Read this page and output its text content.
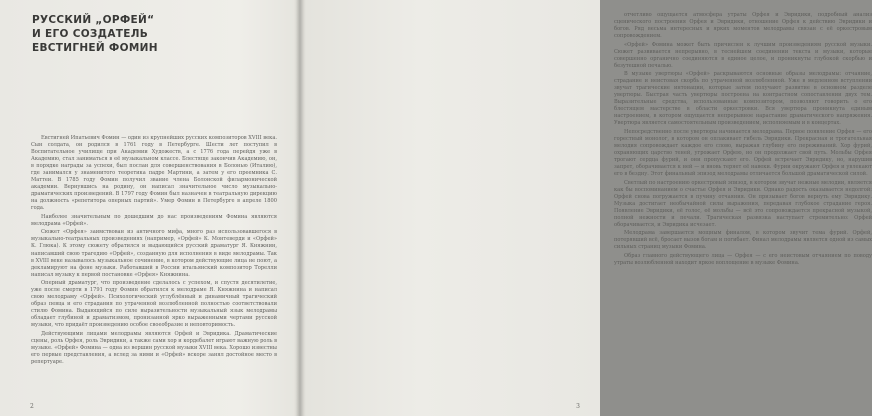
РУССКИЙ „ОРФЕЙ“
И ЕГО СОЗДАТЕЛЬ
ЕВСТИГНЕЙ ФОМИН

Евстигней Ипатьевич Фомин — один из крупнейших русских композиторов XVIII века. Сын солдата, он родился в 1761 году в Петербурге. Шести лет поступил в Воспитательное училище при Академии Художеств, а с 1776 года перейдя уже в Академию, стал заниматься в её музыкальном классе. Блестяще закончив Академию, он, в порядке награды за успехи, был послан для совершенствования в Болонью (Италию), где занимался у знаменитого теоретика падре Мартини, а затем у его преемника С. Маттеи. В 1785 году Фомин получил звание члена Болонской филармонической академии. Вернувшись на родину, он написал значительное число музыкально-драматических произведений. В 1797 году Фомин был назначен в театральную дирекцию на должность «репетитора оперных партий». Умер Фомин в Петербурге в апреле 1800 года.

Наиболее значительным по дошедшим до нас произведениям Фомина являются мелодрама «Орфей».

Сюжет «Орфея» заимствован из античного мифа, много раз использовавшегося в музыкально-театральных произведениях (например, «Орфей» К. Монтеверди и «Орфей» К. Глюка). К этому сюжету обратился и выдающийся русский драматург Я. Княжнин, написавший свою трагедию «Орфей», созданную для исполнения в виде мелодрамы. Так в XVIII веке называлось музыкальное сочинение, в котором действующие лица не поют, а декламируют на фоне музыки. Работавший в России итальянский композитор Торелли написал музыку к первой постановке «Орфея» Княжнина.

Оперный драматург, что произведение сделалось с успехом, и спустя десятилетие, уже после смерти в 1791 году Фомин обратился к мелодраме Я. Княжнина и написал свою мелодраму «Орфей». Психологический углублённый и динамичный трагический образ певца и его страдания по утраченной возлюбленной полностью соответствовали стилю Фомина. Выдающийся по силе выразительности музыкальный язык мелодрамы обладает глубиной и драматизмом, пронизанной ярко выраженными чертами русской музыки, что придаёт произведению особое своеобразие и неповторимость.

Действующими лицами мелодрамы являются Орфей и Эвридика. Драматические сцены, роль Орфея, роль Эвридики, а также сами хор и кордебалет играют важную роль в музыке. «Орфей» Фомина — одна из вершин русской музыки XVIII века. Хорошо известны его первые представления, а вслед за ними и «Орфей» вскоре занял достойное место в репертуаре.

2

отчетливо ощущается атмосфера утраты Орфея и Эвридики, подробный анализ сценического построения Орфея и Эвридики, отношение Орфея к действию Эвридики и богов. Ряд весьма интересных и ярких моментов мелодрамы связан с её оркестровым сопровождением.

«Орфей» Фомина может быть причислен к лучшим произведениям русской музыки. Сюжет развивается непрерывно, в теснейшем соединении текста и музыки, которые совершенно органично соединяются в единое целое, и проникнуты глубокой скорбью и безутешной печалью.

В музыке увертюры «Орфей» раскрываются основные образы мелодрамы: отчаяние, страдание и неистовая скорбь по утраченной возлюбленной. Уже в медленном вступлении звучат трагические интонации, которые затем получают развитие в основном разделе увертюры. Быстрая часть увертюры построена на контрастном сопоставлении двух тем. Выразительные средства, использованные композитором, позволяют говорить о его блестящем мастерстве в области оркестровки. Вся увертюра проникнута единым настроением, в котором ощущается непрерывное нарастание драматического напряжения. Увертюра является самостоятельным произведением, исполняемым и в концертах.

Непосредственно после увертюры начинается мелодрама. Первое появление Орфея — его горестный монолог, в котором он оплакивает гибель Эвридики. Прекрасная и трогательная мелодия сопровождает каждое его слово, выражая глубину его переживаний. Хор фурий, охраняющих царство теней, угрожает Орфею, но он продолжает свой путь. Мольбы Орфея трогают сердца фурий, и они пропускают его. Орфей встречает Эвридику, но, нарушив запрет, оборачивается к ней — и вновь теряет её навеки. Фурии окружают Орфея и увлекают его в бездну. Этот финальный эпизод мелодрамы отличается большой драматической силой.

Светлый по настроению оркестровый эпизод, в котором звучат нежные мелодии, является как бы воспоминанием о счастье Орфея и Эвридики. Однако радость оказывается недолгой: Орфей снова погружается в пучину отчаяния. Он призывает богов вернуть ему Эвридику. Музыка достигает необычайной силы выражения, передавая глубокое страдание героя. Появление Эвридики, её голос, её мольбы — всё это сопровождается прекрасной музыкой, полной нежности и печали. Трагическая развязка наступает стремительно: Орфей оборачивается, и Эвридика исчезает.

Мелодрама завершается мощным финалом, в котором звучит тема фурий. Орфей, потерявший всё, бросает вызов богам и погибает. Финал мелодрамы является одной из самых сильных страниц музыки Фомина.

Образ главного действующего лица — Орфея — с его неистовым отчаянием по поводу утраты возлюбленной находит яркое воплощение в музыке Фомина.

3
